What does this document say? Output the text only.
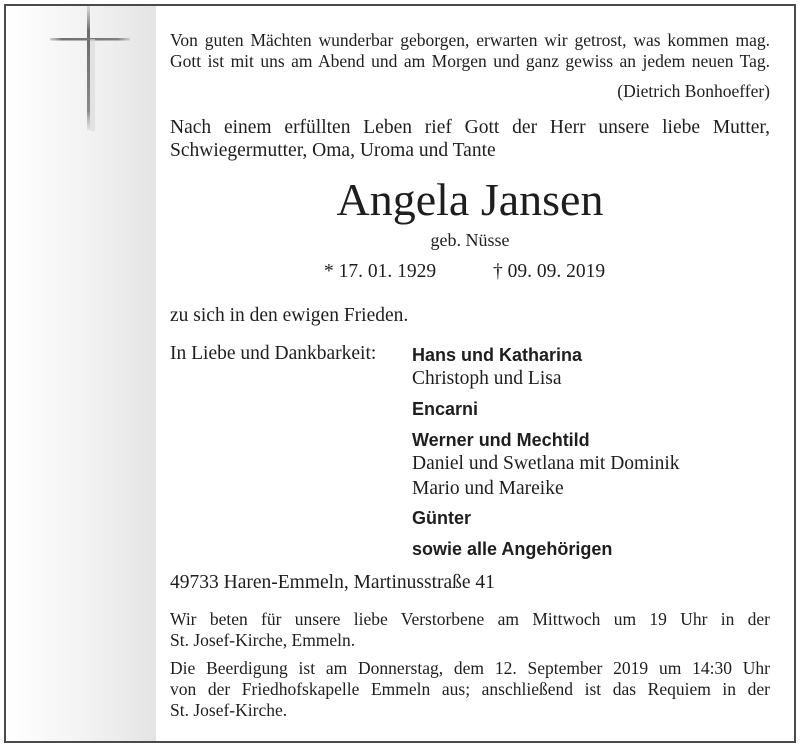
Von guten Mächten wunderbar geborgen, erwarten wir getrost, was kommen mag.
Gott ist mit uns am Abend und am Morgen und ganz gewiss an jedem neuen Tag.
(Dietrich Bonhoeffer)
Nach einem erfüllten Leben rief Gott der Herr unsere liebe Mutter,
Schwiegermutter, Oma, Uroma und Tante
Angela Jansen
geb. Nüsse
* 17. 01. 1929	† 09. 09. 2019
zu sich in den ewigen Frieden.
In Liebe und Dankbarkeit: Hans und Katharina
Christoph und Lisa
Encarni
Werner und Mechtild
Daniel und Swetlana mit Dominik
Mario und Mareike
Günter
sowie alle Angehörigen
49733 Haren-Emmeln, Martinusstraße 41
Wir beten für unsere liebe Verstorbene am Mittwoch um 19 Uhr in der
St. Josef-Kirche, Emmeln.
Die Beerdigung ist am Donnerstag, dem 12. September 2019 um 14:30 Uhr
von der Friedhofskapelle Emmeln aus; anschließend ist das Requiem in der
St. Josef-Kirche.
